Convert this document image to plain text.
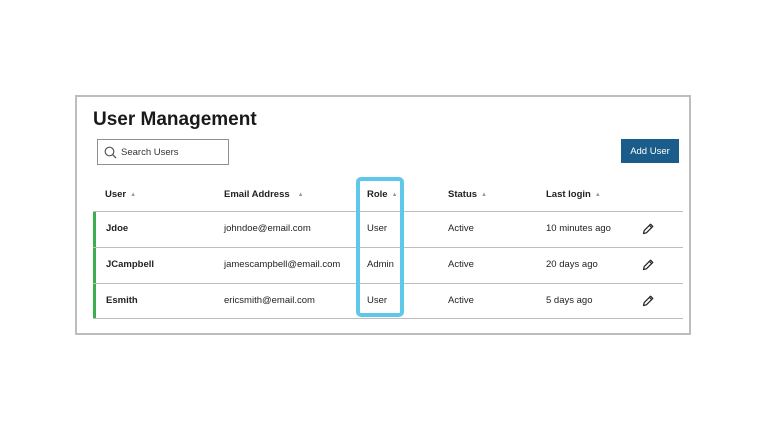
User Management
Search Users
Add User
User ▲	Email Address ▲	Role ▲	Status ▲	Last login ▲
Jdoe	johndoe@email.com	User	Active	10 minutes ago
JCampbell	jamescampbell@email.com	Admin	Active	20 days ago
Esmith	ericsmith@email.com	User	Active	5 days ago
